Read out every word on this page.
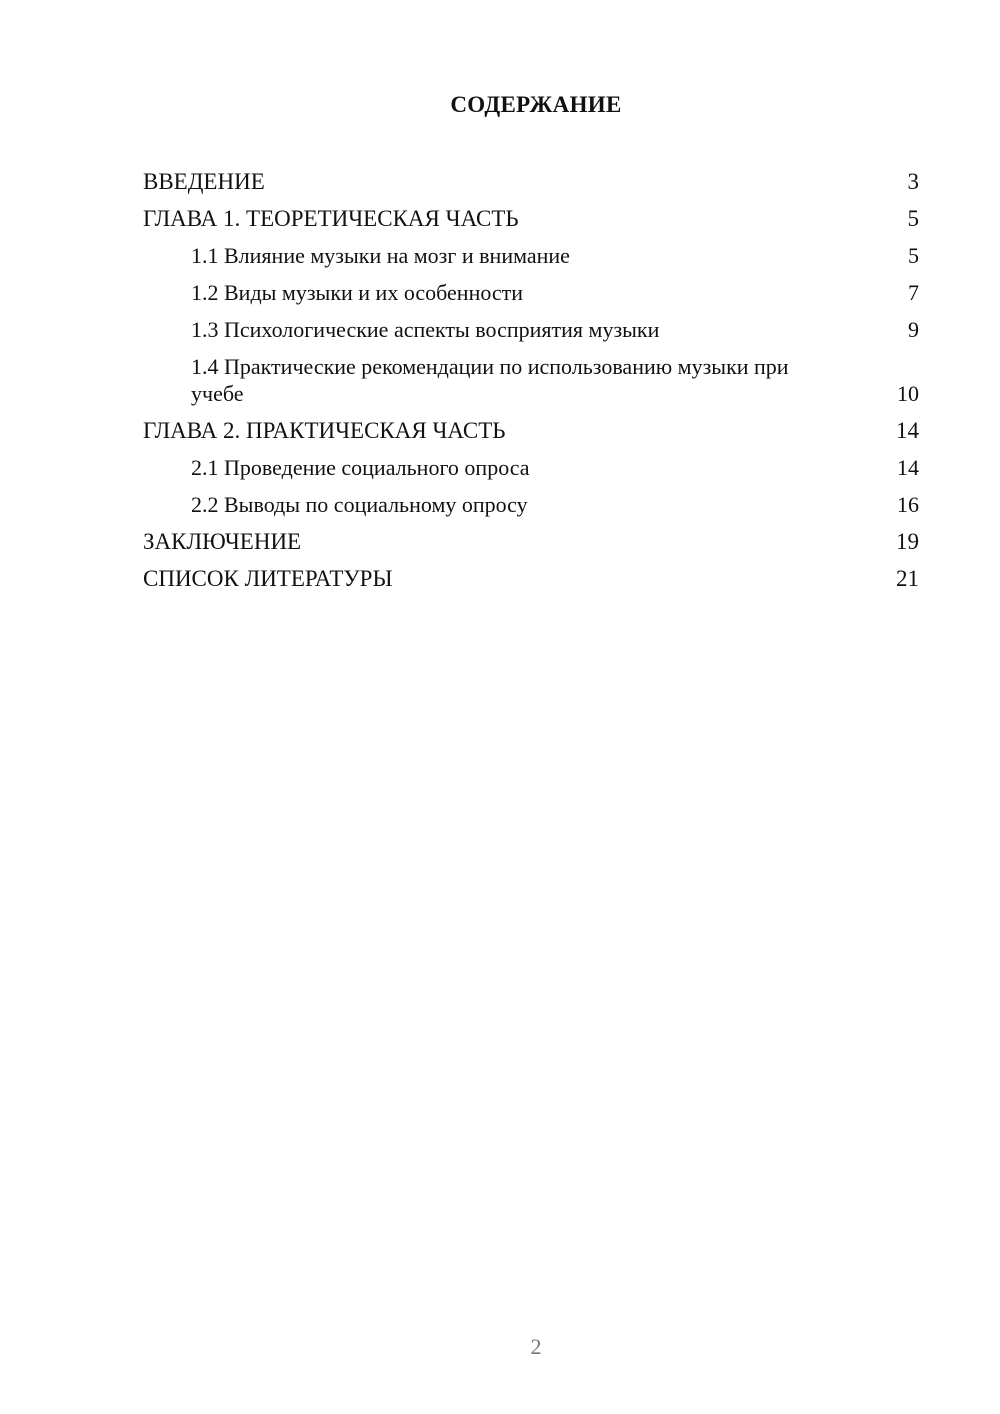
СОДЕРЖАНИЕ
ВВЕДЕНИЕ	3
ГЛАВА 1. ТЕОРЕТИЧЕСКАЯ ЧАСТЬ	5
1.1 Влияние музыки на мозг и внимание	5
1.2 Виды музыки и их особенности	7
1.3 Психологические аспекты восприятия музыки	9
1.4 Практические рекомендации по использованию музыки при учебе	10
ГЛАВА 2. ПРАКТИЧЕСКАЯ ЧАСТЬ	14
2.1 Проведение социального опроса	14
2.2 Выводы по социальному опросу	16
ЗАКЛЮЧЕНИЕ	19
СПИСОК ЛИТЕРАТУРЫ	21
2
